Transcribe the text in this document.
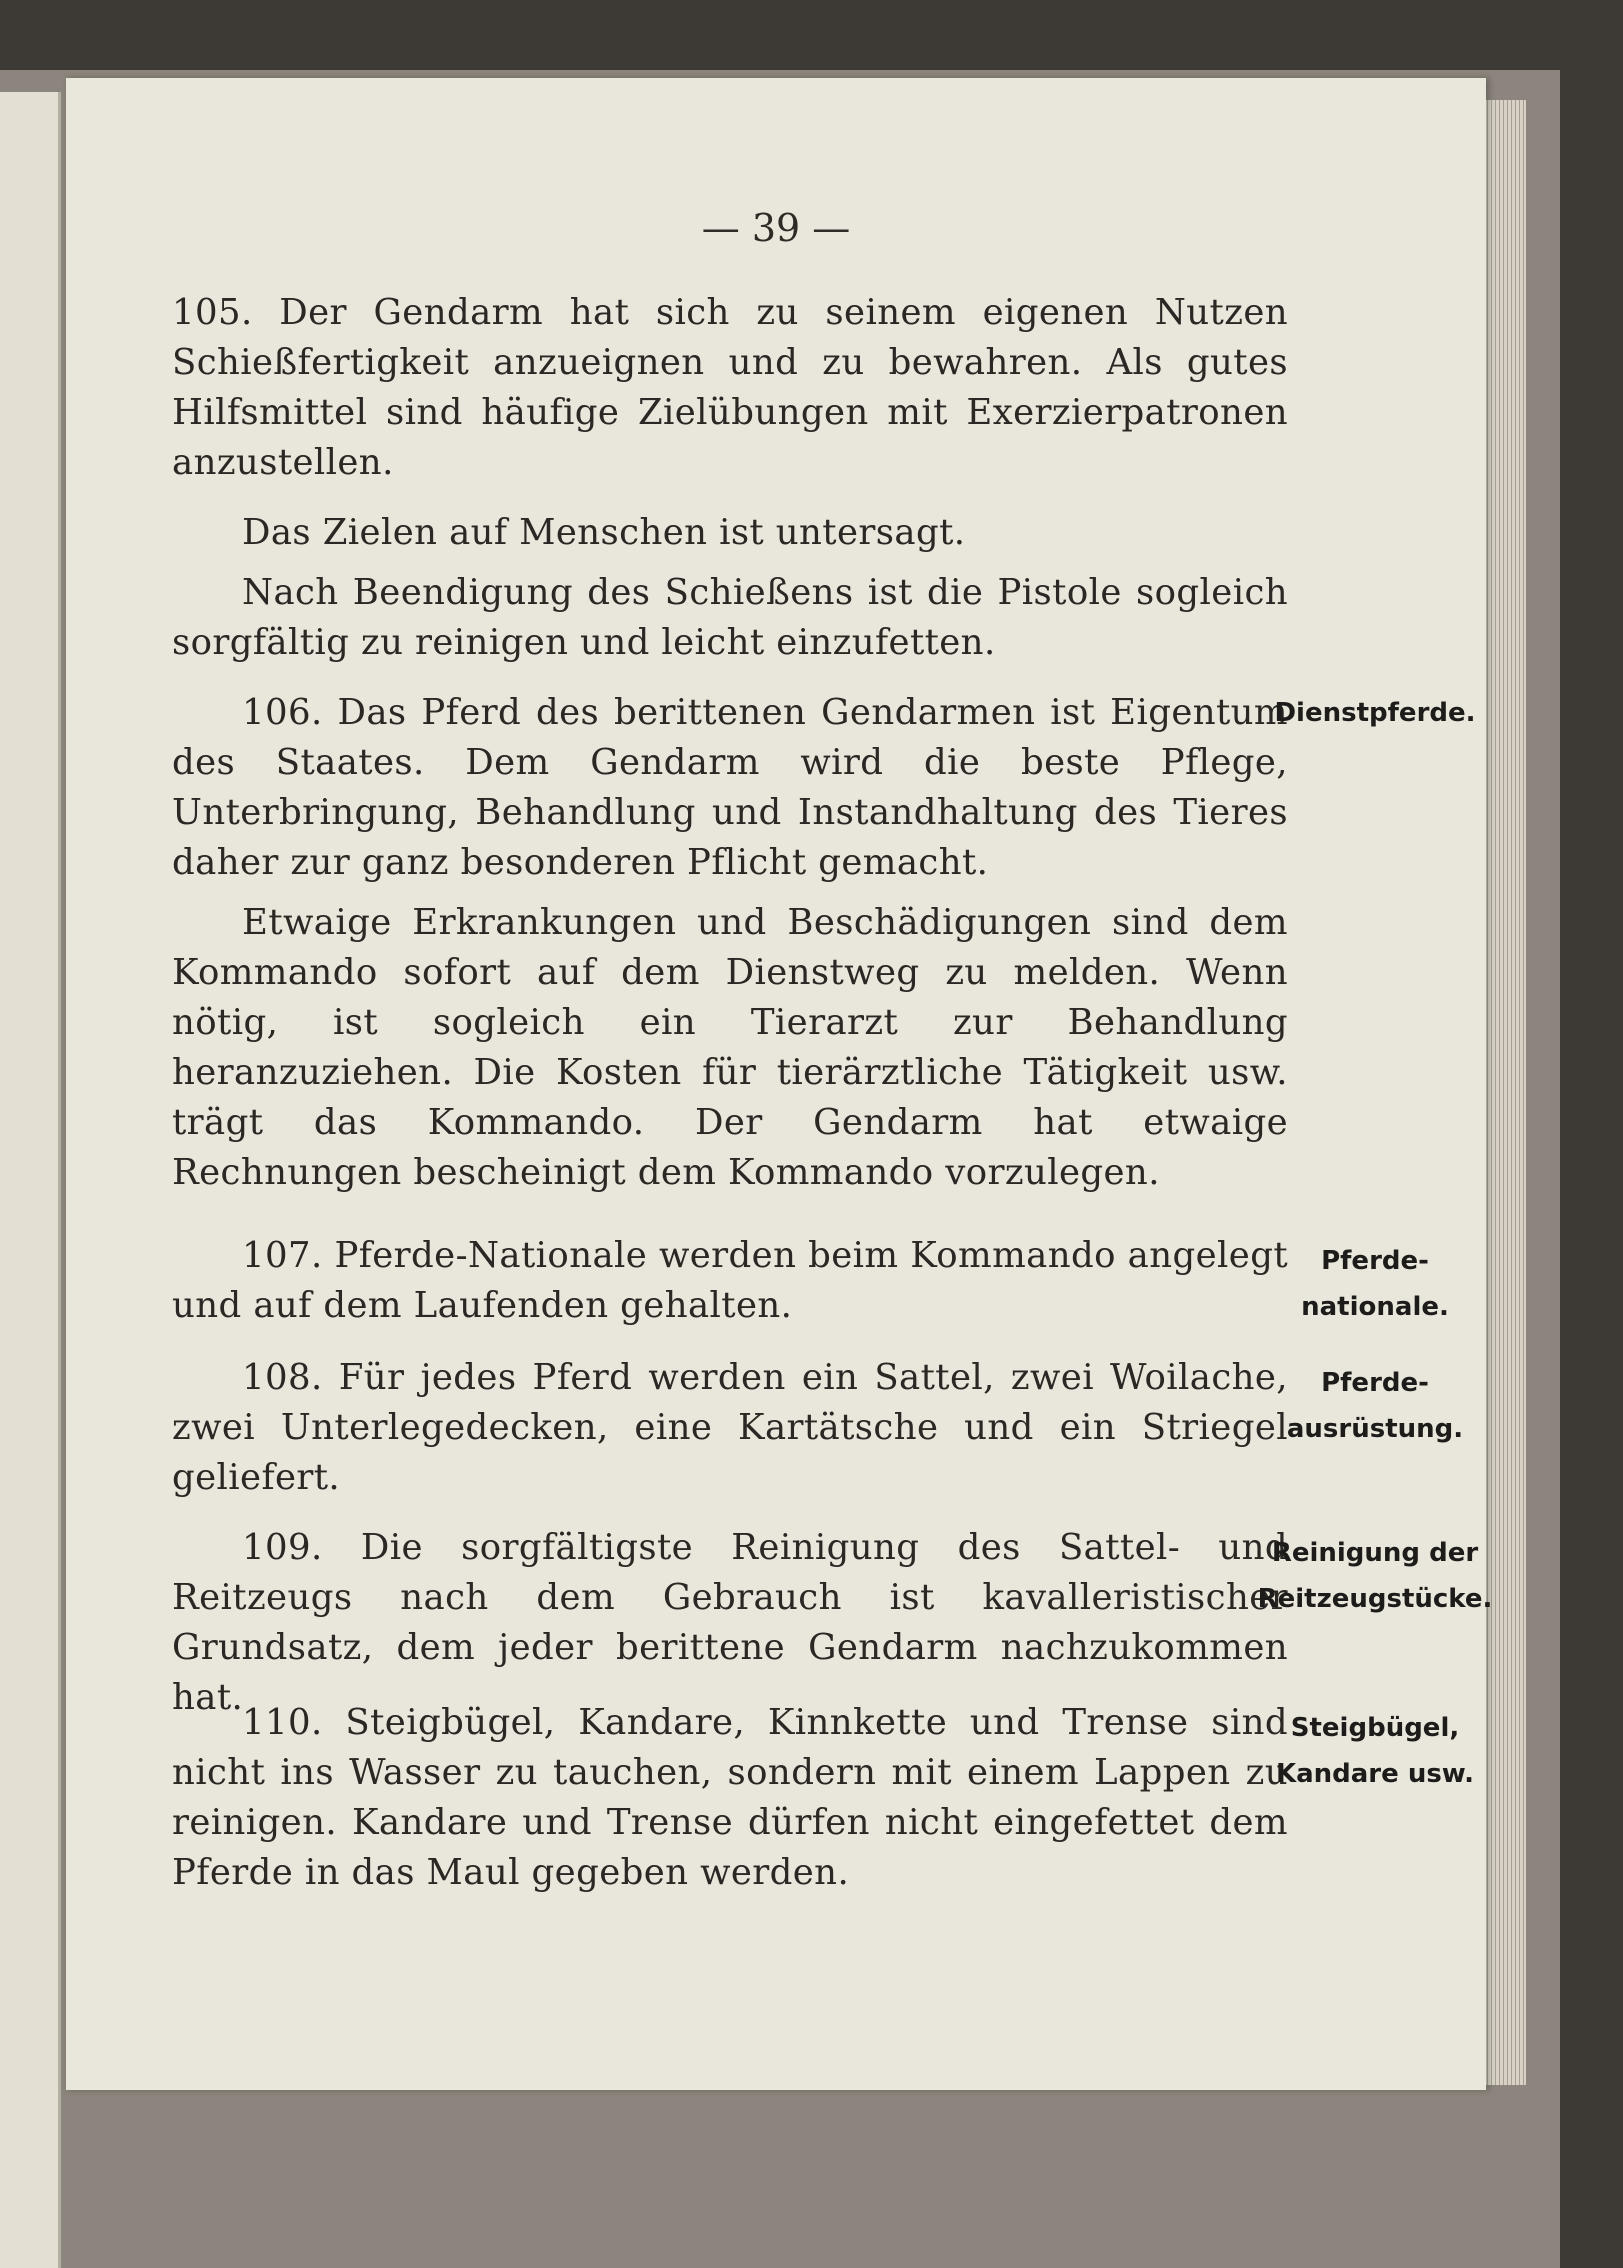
— 39 —
105. Der Gendarm hat sich zu seinem eigenen Nutzen Schießfertigkeit anzueignen und zu bewahren. Als gutes Hilfsmittel sind häufige Zielübungen mit Exerzierpatronen anzustellen.
Das Zielen auf Menschen ist untersagt.
Nach Beendigung des Schießens ist die Pistole sogleich sorgfältig zu reinigen und leicht einzufetten.
106. Das Pferd des berittenen Gendarmen ist Eigentum des Staates. Dem Gendarm wird die beste Pflege, Unterbringung, Behandlung und Instandhaltung des Tieres daher zur ganz besonderen Pflicht gemacht.
Etwaige Erkrankungen und Beschädigungen sind dem Kommando sofort auf dem Dienstweg zu melden. Wenn nötig, ist sogleich ein Tierarzt zur Behandlung heranzuziehen. Die Kosten für tierärztliche Tätigkeit usw. trägt das Kommando. Der Gendarm hat etwaige Rechnungen bescheinigt dem Kommando vorzulegen.
107. Pferde-Nationale werden beim Kommando angelegt und auf dem Laufenden gehalten.
108. Für jedes Pferd werden ein Sattel, zwei Woilache, zwei Unterlegedecken, eine Kartätsche und ein Striegel geliefert.
109. Die sorgfältigste Reinigung des Sattel- und Reitzeugs nach dem Gebrauch ist kavalleristischer Grundsatz, dem jeder berittene Gendarm nachzukommen hat.
110. Steigbügel, Kandare, Kinnkette und Trense sind nicht ins Wasser zu tauchen, sondern mit einem Lappen zu reinigen. Kandare und Trense dürfen nicht eingefettet dem Pferde in das Maul gegeben werden.
Dienstpferde.
Pferde-
nationale.
Pferde-
ausrüstung.
Reinigung der
Reitzeugstücke.
Steigbügel,
Kandare usw.
